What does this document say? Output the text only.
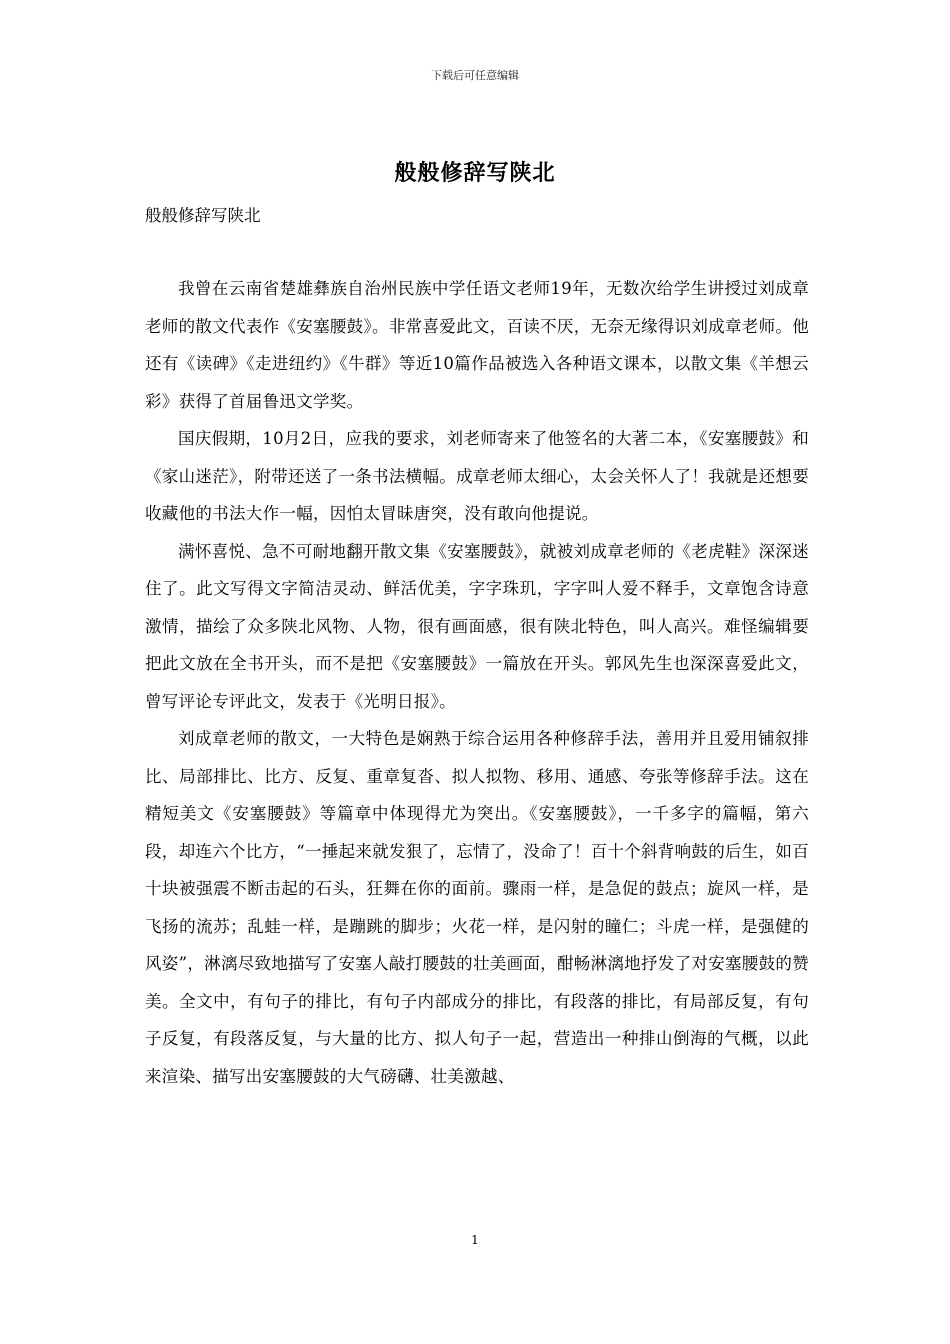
下载后可任意编辑
般般修辞写陕北
般般修辞写陕北

我曾在云南省楚雄彝族自治州民族中学任语文老师19年，无数次给学生讲授过刘成章老师的散文代表作《安塞腰鼓》。非常喜爱此文，百读不厌，无奈无缘得识刘成章老师。他还有《读碑》《走进纽约》《牛群》等近10篇作品被选入各种语文课本，以散文集《羊想云彩》获得了首届鲁迅文学奖。

国庆假期，10月2日，应我的要求，刘老师寄来了他签名的大著二本，《安塞腰鼓》和《家山迷茫》，附带还送了一条书法横幅。成章老师太细心，太会关怀人了！我就是还想要收藏他的书法大作一幅，因怕太冒昧唐突，没有敢向他提说。

满怀喜悦、急不可耐地翻开散文集《安塞腰鼓》，就被刘成章老师的《老虎鞋》深深迷住了。此文写得文字简洁灵动、鲜活优美，字字珠玑，字字叫人爱不释手，文章饱含诗意激情，描绘了众多陕北风物、人物，很有画面感，很有陕北特色，叫人高兴。难怪编辑要把此文放在全书开头，而不是把《安塞腰鼓》一篇放在开头。郭风先生也深深喜爱此文，曾写评论专评此文，发表于《光明日报》。

刘成章老师的散文，一大特色是娴熟于综合运用各种修辞手法，善用并且爱用铺叙排比、局部排比、比方、反复、重章复沓、拟人拟物、移用、通感、夸张等修辞手法。这在精短美文《安塞腰鼓》等篇章中体现得尤为突出。《安塞腰鼓》，一千多字的篇幅，第六段，却连六个比方，“一捶起来就发狠了，忘情了，没命了！百十个斜背响鼓的后生，如百十块被强震不断击起的石头，狂舞在你的面前。骤雨一样，是急促的鼓点；旋风一样，是飞扬的流苏；乱蛙一样，是蹦跳的脚步；火花一样，是闪射的瞳仁；斗虎一样，是强健的风姿”，淋漓尽致地描写了安塞人敲打腰鼓的壮美画面，酣畅淋漓地抒发了对安塞腰鼓的赞美。全文中，有句子的排比，有句子内部成分的排比，有段落的排比，有局部反复，有句子反复，有段落反复，与大量的比方、拟人句子一起，营造出一种排山倒海的气概，以此来渲染、描写出安塞腰鼓的大气磅礴、壮美激越、

1
